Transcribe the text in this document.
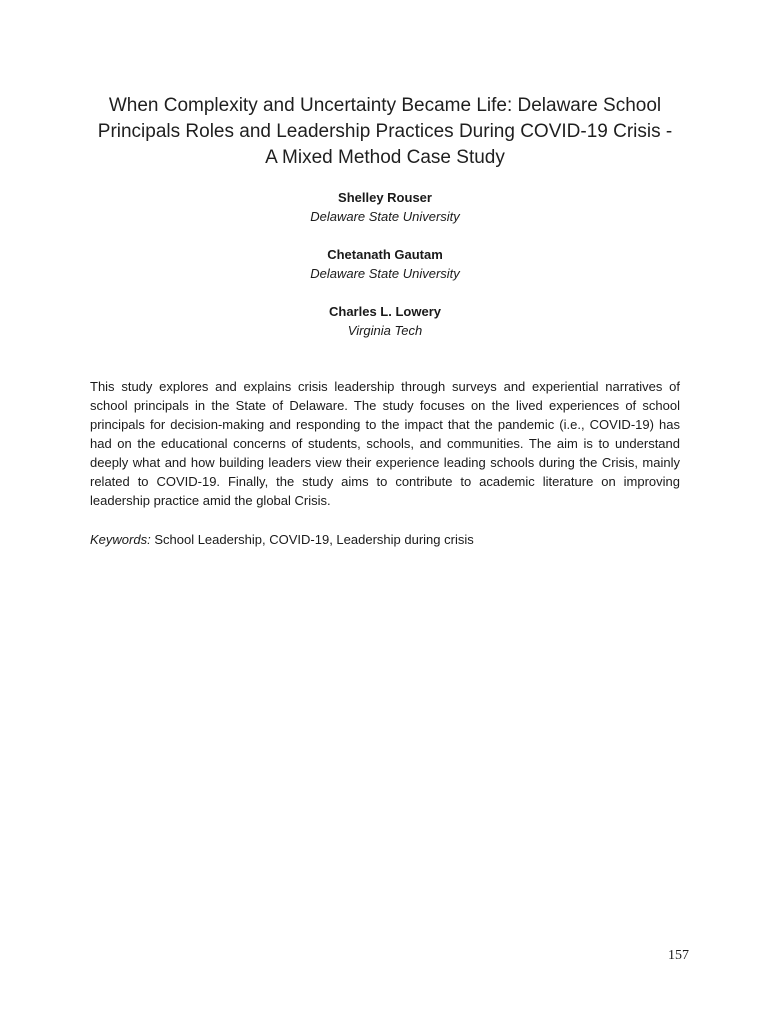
When Complexity and Uncertainty Became Life: Delaware School Principals Roles and Leadership Practices During COVID-19 Crisis - A Mixed Method Case Study
Shelley Rouser
Delaware State University
Chetanath Gautam
Delaware State University
Charles L. Lowery
Virginia Tech
This study explores and explains crisis leadership through surveys and experiential narratives of school principals in the State of Delaware. The study focuses on the lived experiences of school principals for decision-making and responding to the impact that the pandemic (i.e., COVID-19) has had on the educational concerns of students, schools, and communities. The aim is to understand deeply what and how building leaders view their experience leading schools during the Crisis, mainly related to COVID-19. Finally, the study aims to contribute to academic literature on improving leadership practice amid the global Crisis.
Keywords: School Leadership, COVID-19, Leadership during crisis
157
